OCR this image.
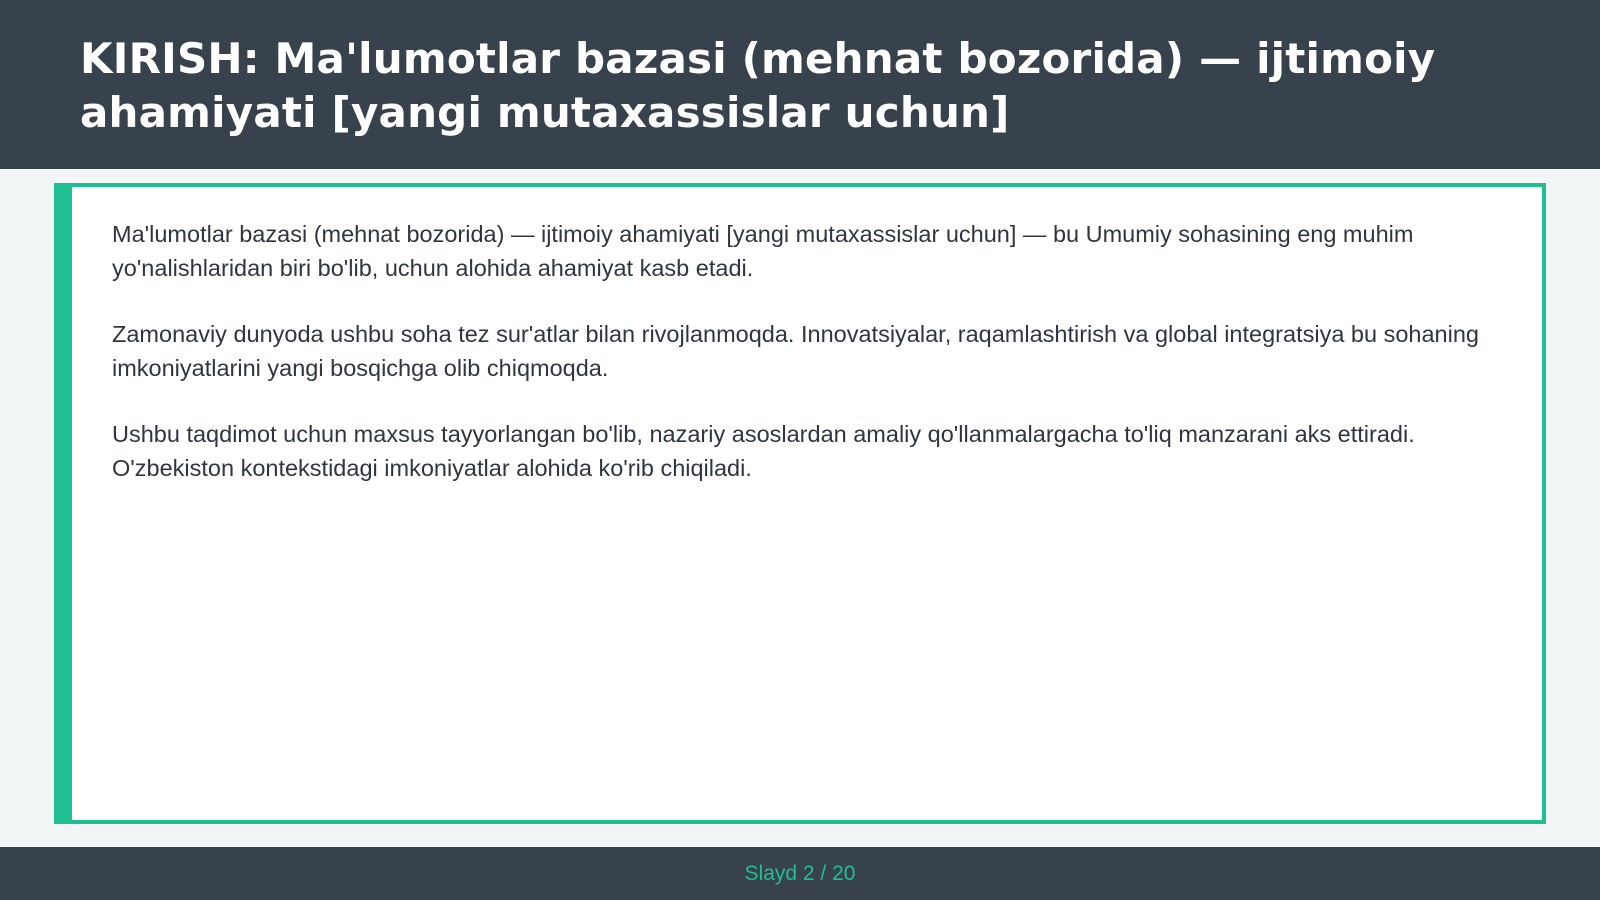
KIRISH: Ma'lumotlar bazasi (mehnat bozorida) — ijtimoiy ahamiyati [yangi mutaxassislar uchun]

Ma'lumotlar bazasi (mehnat bozorida) — ijtimoiy ahamiyati [yangi mutaxassislar uchun] — bu Umumiy sohasining eng muhim yo'nalishlaridan biri bo'lib, uchun alohida ahamiyat kasb etadi.

Zamonaviy dunyoda ushbu soha tez sur'atlar bilan rivojlanmoqda. Innovatsiyalar, raqamlashtirish va global integratsiya bu sohaning imkoniyatlarini yangi bosqichga olib chiqmoqda.

Ushbu taqdimot uchun maxsus tayyorlangan bo'lib, nazariy asoslardan amaliy qo'llanmalargacha to'liq manzarani aks ettiradi. O'zbekiston kontekstidagi imkoniyatlar alohida ko'rib chiqiladi.

Slayd 2 / 20
